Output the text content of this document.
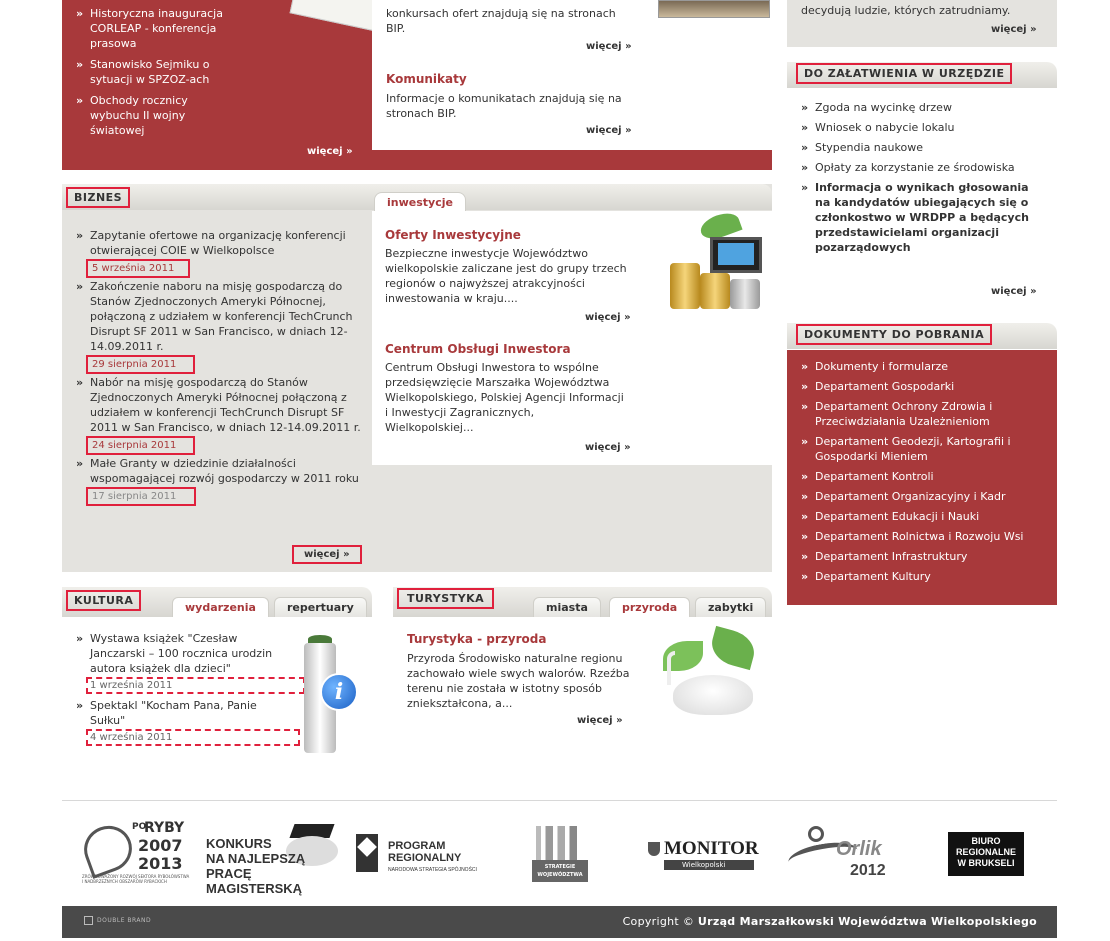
» Historyczna inauguracja CORLEAP - konferencja prasowa
» Stanowisko Sejmiku o sytuacji w SPZOZ-ach
» Obchody rocznicy wybuchu II wojny światowej
więcej »
konkursach ofert znajdują się na stronach BIP.
więcej »
Komunikaty
Informacje o komunikatach znajdują się na stronach BIP.
więcej »
decydują ludzie, których zatrudniamy.
więcej »
DO ZAŁATWIENIA W URZĘDZIE
» Zgoda na wycinkę drzew
» Wniosek o nabycie lokalu
» Stypendia naukowe
» Opłaty za korzystanie ze środowiska
» Informacja o wynikach głosowania na kandydatów ubiegających się o członkostwo w WRDPP a będących przedstawicielami organizacji pozarządowych
więcej »
DOKUMENTY DO POBRANIA
» Dokumenty i formularze
» Departament Gospodarki
» Departament Ochrony Zdrowia i Przeciwdziałania Uzależnieniom
» Departament Geodezji, Kartografii i Gospodarki Mieniem
» Departament Kontroli
» Departament Organizacyjny i Kadr
» Departament Edukacji i Nauki
» Departament Rolnictwa i Rozwoju Wsi
» Departament Infrastruktury
» Departament Kultury
BIZNES	inwestycje
» Zapytanie ofertowe na organizację konferencji otwierającej COIE w Wielkopolsce
5 września 2011
» Zakończenie naboru na misję gospodarczą do Stanów Zjednoczonych Ameryki Północnej, połączoną z udziałem w konferencji TechCrunch Disrupt SF 2011 w San Francisco, w dniach 12-14.09.2011 r.
29 sierpnia 2011
» Nabór na misję gospodarczą do Stanów Zjednoczonych Ameryki Północnej połączoną z udziałem w konferencji TechCrunch Disrupt SF 2011 w San Francisco, w dniach 12-14.09.2011 r.
24 sierpnia 2011
» Małe Granty w dziedzinie działalności wspomagającej rozwój gospodarczy w 2011 roku
17 sierpnia 2011
więcej »
Oferty Inwestycyjne
Bezpieczne inwestycje Województwo wielkopolskie zaliczane jest do grupy trzech regionów o najwyższej atrakcyjności inwestowania w kraju....
więcej »
Centrum Obsługi Inwestora
Centrum Obsługi Inwestora to wspólne przedsięwzięcie Marszałka Województwa Wielkopolskiego, Polskiej Agencji Informacji i Inwestycji Zagranicznych, Wielkopolskiej...
więcej »
KULTURA
wydarzenia	repertuary
» Wystawa książek "Czesław Janczarski – 100 rocznica urodzin autora książek dla dzieci"
1 września 2011
» Spektakl "Kocham Pana, Panie Sułku"
4 września 2011
i
TURYSTYKA
miasta	przyroda	zabytki
Turystyka - przyroda
Przyroda Środowisko naturalne regionu zachowało wiele swych walorów. Rzeźba terenu nie została w istotny sposób zniekształcona, a...
więcej »
PO
RYBY
2007
2013
ZRÓWNOWAŻONY ROZWÓJ SEKTORA RYBOŁÓWSTWA I NADBRZEŻNYCH OBSZARÓW RYBACKICH
KONKURS
NA NAJLEPSZĄ
PRACĘ MAGISTERSKĄ
PROGRAM
REGIONALNY
NARODOWA STRATEGIA SPÓJNOŚCI	STRATEGIE
WOJEWÓDZTWA
MONITOR
Wielkopolski
Orlik
2012
BIURO
REGIONALNE
W BRUKSELI
DOUBLE BRAND	Copyright © Urząd Marszałkowski Województwa Wielkopolskiego
